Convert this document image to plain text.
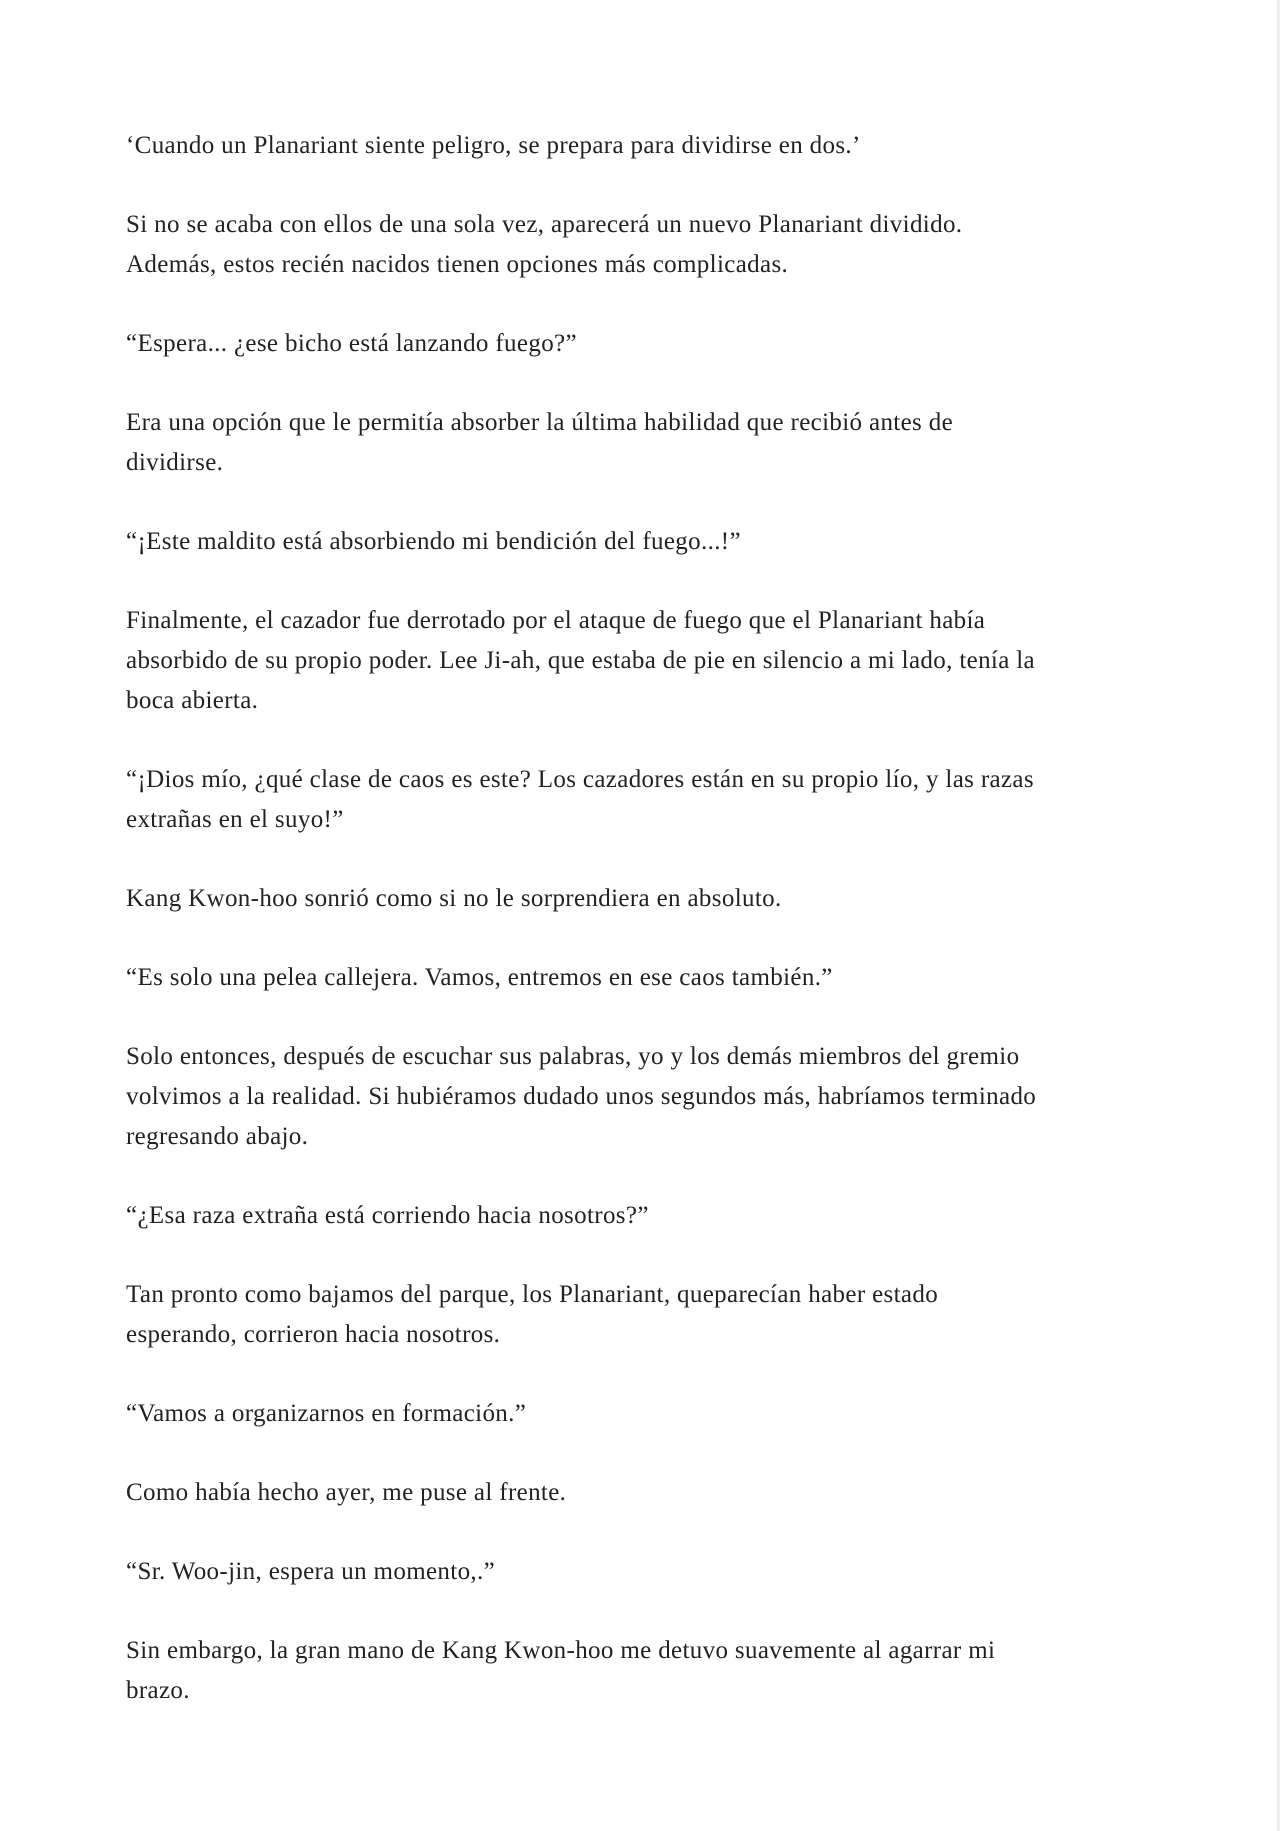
‘Cuando un Planariant siente peligro, se prepara para dividirse en dos.’

Si no se acaba con ellos de una sola vez, aparecerá un nuevo Planariant dividido.
Además, estos recién nacidos tienen opciones más complicadas.

“Espera... ¿ese bicho está lanzando fuego?”

Era una opción que le permitía absorber la última habilidad que recibió antes de
dividirse.

“¡Este maldito está absorbiendo mi bendición del fuego...!”

Finalmente, el cazador fue derrotado por el ataque de fuego que el Planariant había
absorbido de su propio poder. Lee Ji-ah, que estaba de pie en silencio a mi lado, tenía la
boca abierta.

“¡Dios mío, ¿qué clase de caos es este? Los cazadores están en su propio lío, y las razas
extrañas en el suyo!”

Kang Kwon-hoo sonrió como si no le sorprendiera en absoluto.

“Es solo una pelea callejera. Vamos, entremos en ese caos también.”

Solo entonces, después de escuchar sus palabras, yo y los demás miembros del gremio
volvimos a la realidad. Si hubiéramos dudado unos segundos más, habríamos terminado
regresando abajo.

“¿Esa raza extraña está corriendo hacia nosotros?”

Tan pronto como bajamos del parque, los Planariant, queparecían haber estado
esperando, corrieron hacia nosotros.

“Vamos a organizarnos en formación.”

Como había hecho ayer, me puse al frente.

“Sr. Woo-jin, espera un momento,.”

Sin embargo, la gran mano de Kang Kwon-hoo me detuvo suavemente al agarrar mi
brazo.
